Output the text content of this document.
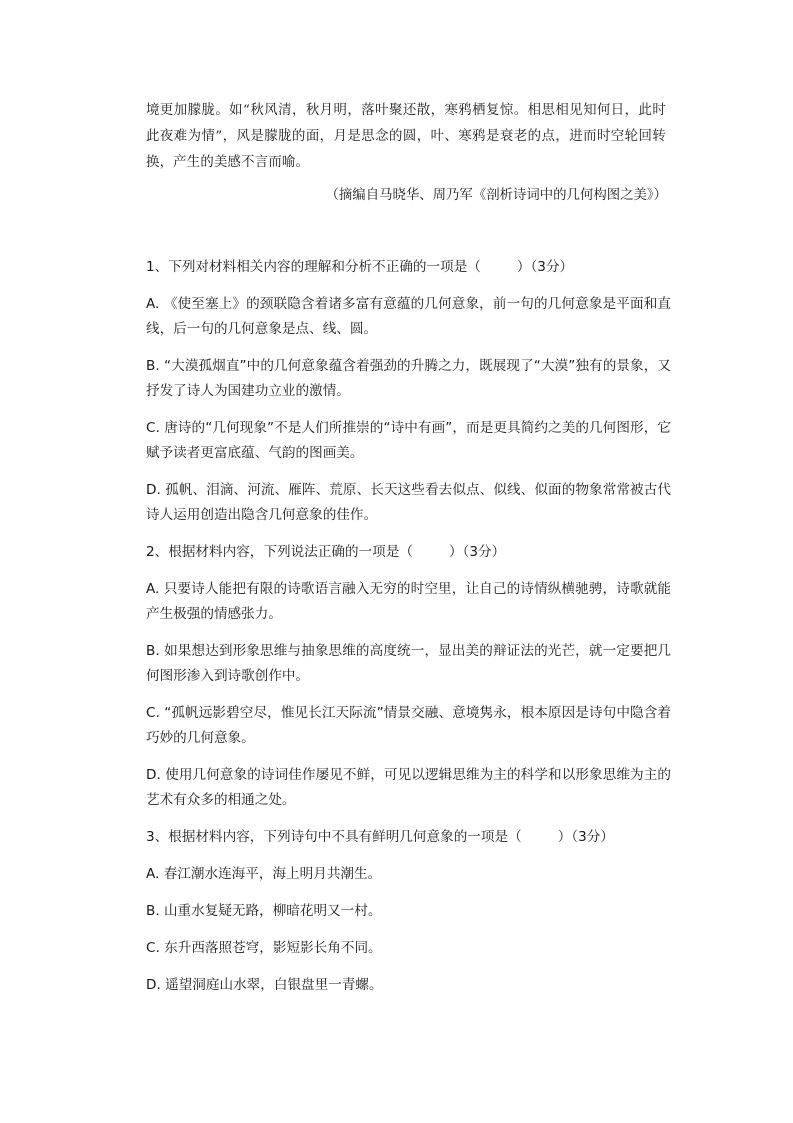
境更加朦胧。如“秋风清，秋月明，落叶聚还散，寒鸦栖复惊。相思相见知何日，此时此夜难为情”，风是朦胧的面，月是思念的圆，叶、寒鸦是衰老的点，进而时空轮回转换，产生的美感不言而喻。

（摘编自马晓华、周乃军《剖析诗词中的几何构图之美》）

1、下列对材料相关内容的理解和分析不正确的一项是（	）（3分）

A. 《使至塞上》的颈联隐含着诸多富有意蕴的几何意象，前一句的几何意象是平面和直线，后一句的几何意象是点、线、圆。

B. “大漠孤烟直”中的几何意象蕴含着强劲的升腾之力，既展现了“大漠”独有的景象，又抒发了诗人为国建功立业的激情。

C. 唐诗的“几何现象”不是人们所推崇的“诗中有画”，而是更具简约之美的几何图形，它赋予读者更富底蕴、气韵的图画美。

D. 孤帆、泪滴、河流、雁阵、荒原、长天这些看去似点、似线、似面的物象常常被古代诗人运用创造出隐含几何意象的佳作。

2、根据材料内容，下列说法正确的一项是（	）（3分）

A. 只要诗人能把有限的诗歌语言融入无穷的时空里，让自己的诗情纵横驰骋，诗歌就能产生极强的情感张力。

B. 如果想达到形象思维与抽象思维的高度统一，显出美的辩证法的光芒，就一定要把几何图形渗入到诗歌创作中。

C. “孤帆远影碧空尽，惟见长江天际流”情景交融、意境隽永，根本原因是诗句中隐含着巧妙的几何意象。

D. 使用几何意象的诗词佳作屡见不鲜，可见以逻辑思维为主的科学和以形象思维为主的艺术有众多的相通之处。

3、根据材料内容，下列诗句中不具有鲜明几何意象的一项是（	）（3分）

A. 春江潮水连海平，海上明月共潮生。

B. 山重水复疑无路，柳暗花明又一村。

C. 东升西落照苍穹，影短影长角不同。

D. 遥望洞庭山水翠，白银盘里一青螺。
